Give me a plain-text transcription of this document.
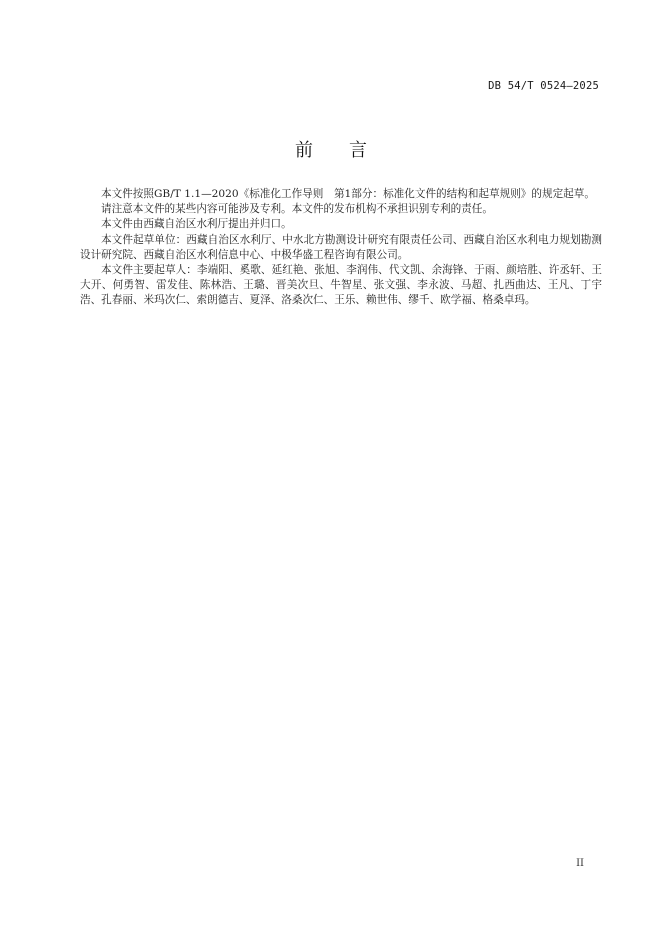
DB 54/T 0524—2025
前　　言

本文件按照GB/T 1.1—2020《标准化工作导则　第1部分：标准化文件的结构和起草规则》的规定起草。

请注意本文件的某些内容可能涉及专利。本文件的发布机构不承担识别专利的责任。

本文件由西藏自治区水利厅提出并归口。

本文件起草单位：西藏自治区水利厅、中水北方勘测设计研究有限责任公司、西藏自治区水利电力规划勘测设计研究院、西藏自治区水利信息中心、中极华盛工程咨询有限公司。

本文件主要起草人：李端阳、奚歌、延红艳、张旭、李润伟、代文凯、余海锋、于雨、颜培胜、许丞轩、王大开、何勇智、雷发佳、陈林浩、王璐、晋美次旦、牛智星、张文强、李永波、马超、扎西曲达、王凡、丁宇浩、孔春丽、米玛次仁、索朗德吉、夏泽、洛桑次仁、王乐、赖世伟、缪千、欧学福、格桑卓玛。

II
